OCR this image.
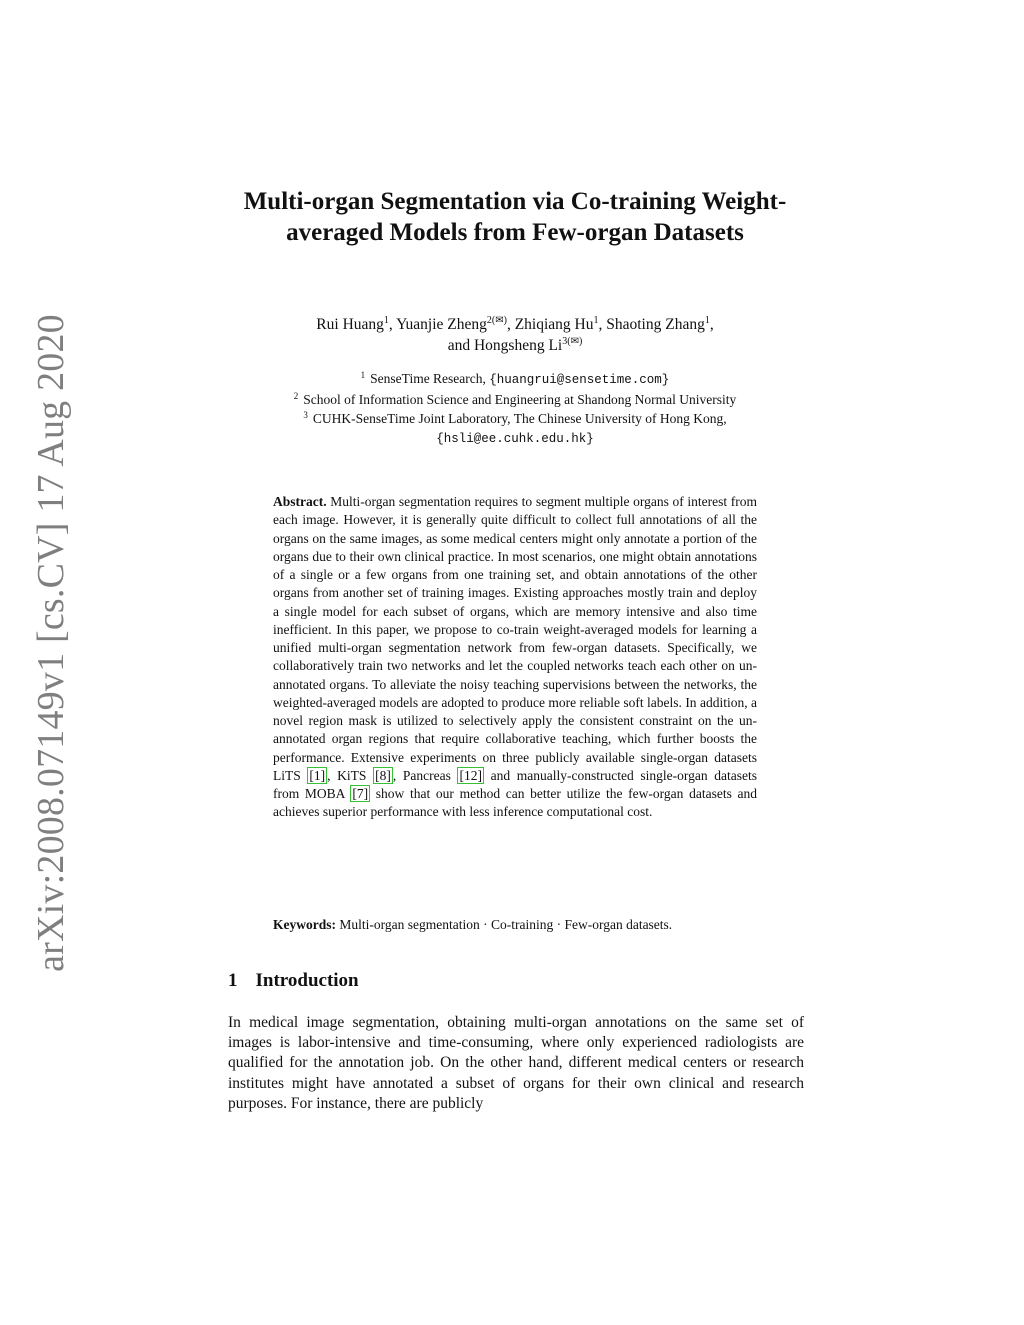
arXiv:2008.07149v1 [cs.CV] 17 Aug 2020
Multi-organ Segmentation via Co-training Weight-averaged Models from Few-organ Datasets
Rui Huang$^1$, Yuanjie Zheng$^{2(✉)}$, Zhiqiang Hu$^1$, Shaoting Zhang$^1$,
and Hongsheng $Li^{3(✉)}$
$^1$ SenseTime Research, {huangrui@sensetime.com}
$^2$ School of Information Science and Engineering at Shandong Normal University
$^3$ CUHK-SenseTime Joint Laboratory, The Chinese University of Hong Kong,
{hsli@ee.cuhk.edu.hk}

Abstract. Multi-organ segmentation requires to segment multiple organs of interest from each image. However, it is generally quite difficult to collect full annotations of all the organs on the same images, as some medical centers might only annotate a portion of the organs due to their own clinical practice. In most scenarios, one might obtain annotations of a single or a few organs from one training set, and obtain annotations of the other organs from another set of training images. Existing approaches mostly train and deploy a single model for each subset of organs, which are memory intensive and also time inefficient. In this paper, we propose to co-train weight-averaged models for learning a unified multi-organ segmentation network from few-organ datasets. Specifically, we collaboratively train two networks and let the coupled networks teach each other on un-annotated organs. To alleviate the noisy teaching supervisions between the networks, the weighted-averaged models are adopted to produce more reliable soft labels. In addition, a novel region mask is utilized to selectively apply the consistent constraint on the un-annotated organ regions that require collaborative teaching, which further boosts the performance. Extensive experiments on three publicly available single-organ datasets LiTS [1] , KiTS [8] , Pancreas [12] and manually-constructed single-organ datasets from MOBA [7] show that our method can better utilize the few-organ datasets and achieves superior performance with less inference computational cost.

Keywords: Multi-organ segmentation · Co-training · Few-organ datasets.
1 Introduction

In medical image segmentation, obtaining multi-organ annotations on the same set of images is labor-intensive and time-consuming, where only experienced radiologists are qualified for the annotation job. On the other hand, different medical centers or research institutes might have annotated a subset of organs for their own clinical and research purposes. For instance, there are publicly
